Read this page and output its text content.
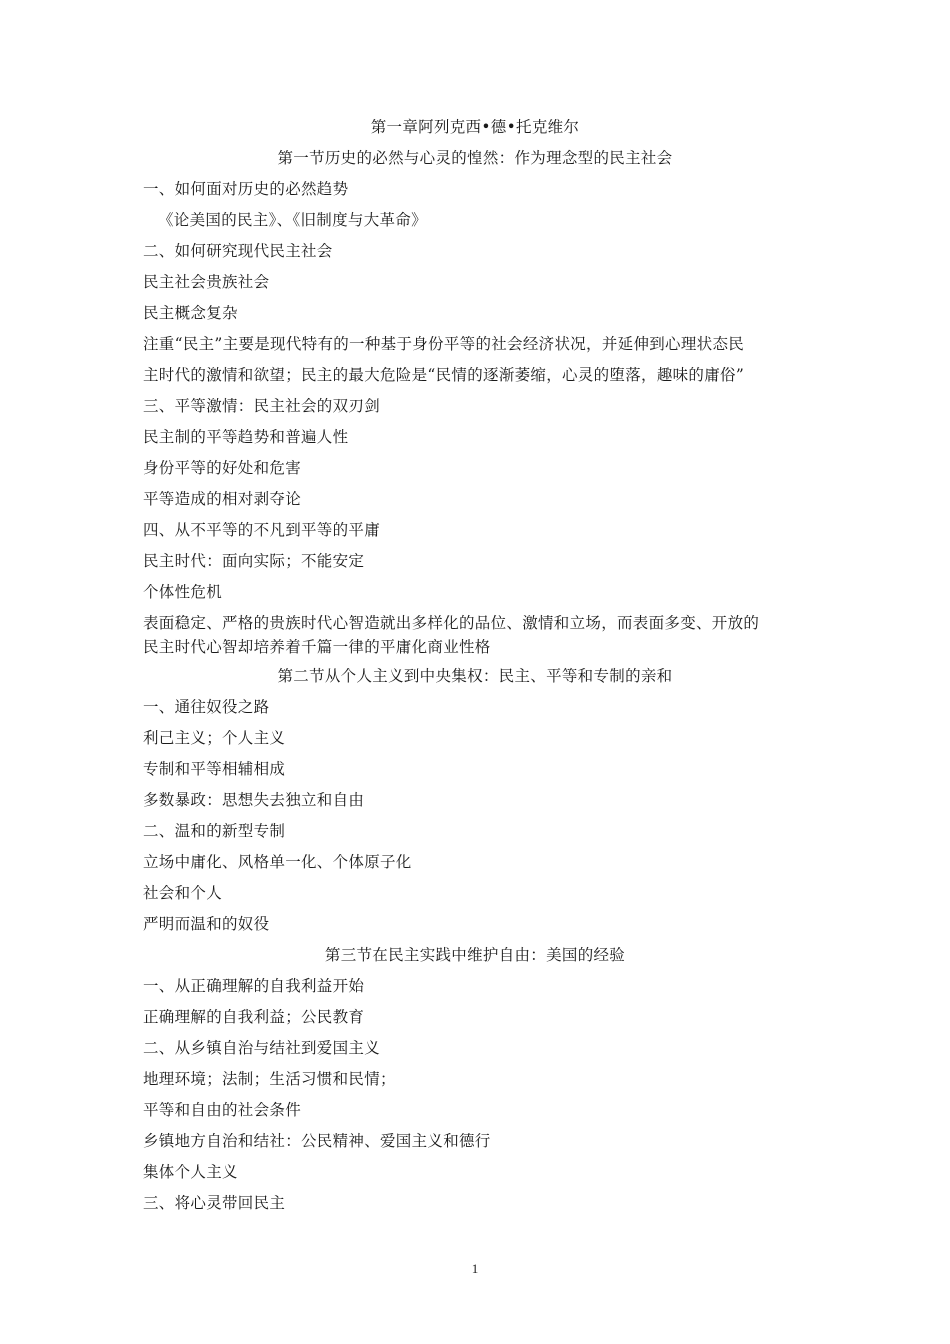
第一章阿列克西•德•托克维尔
第一节历史的必然与心灵的惶然：作为理念型的民主社会
一、如何面对历史的必然趋势
《论美国的民主》、《旧制度与大革命》
二、如何研究现代民主社会
民主社会贵族社会
民主概念复杂
注重“民主”主要是现代特有的一种基于身份平等的社会经济状况，并延伸到心理状态民
主时代的激情和欲望；民主的最大危险是“民情的逐渐萎缩，心灵的堕落，趣味的庸俗”
三、平等激情：民主社会的双刃剑
民主制的平等趋势和普遍人性
身份平等的好处和危害
平等造成的相对剥夺论
四、从不平等的不凡到平等的平庸
民主时代：面向实际；不能安定
个体性危机
表面稳定、严格的贵族时代心智造就出多样化的品位、激情和立场，而表面多变、开放的
民主时代心智却培养着千篇一律的平庸化商业性格
第二节从个人主义到中央集权：民主、平等和专制的亲和
一、通往奴役之路
利己主义；个人主义
专制和平等相辅相成
多数暴政：思想失去独立和自由
二、温和的新型专制
立场中庸化、风格单一化、个体原子化
社会和个人
严明而温和的奴役
第三节在民主实践中维护自由：美国的经验
一、从正确理解的自我利益开始
正确理解的自我利益；公民教育
二、从乡镇自治与结社到爱国主义
地理环境；法制；生活习惯和民情；
平等和自由的社会条件
乡镇地方自治和结社：公民精神、爱国主义和德行
集体个人主义
三、将心灵带回民主
1
